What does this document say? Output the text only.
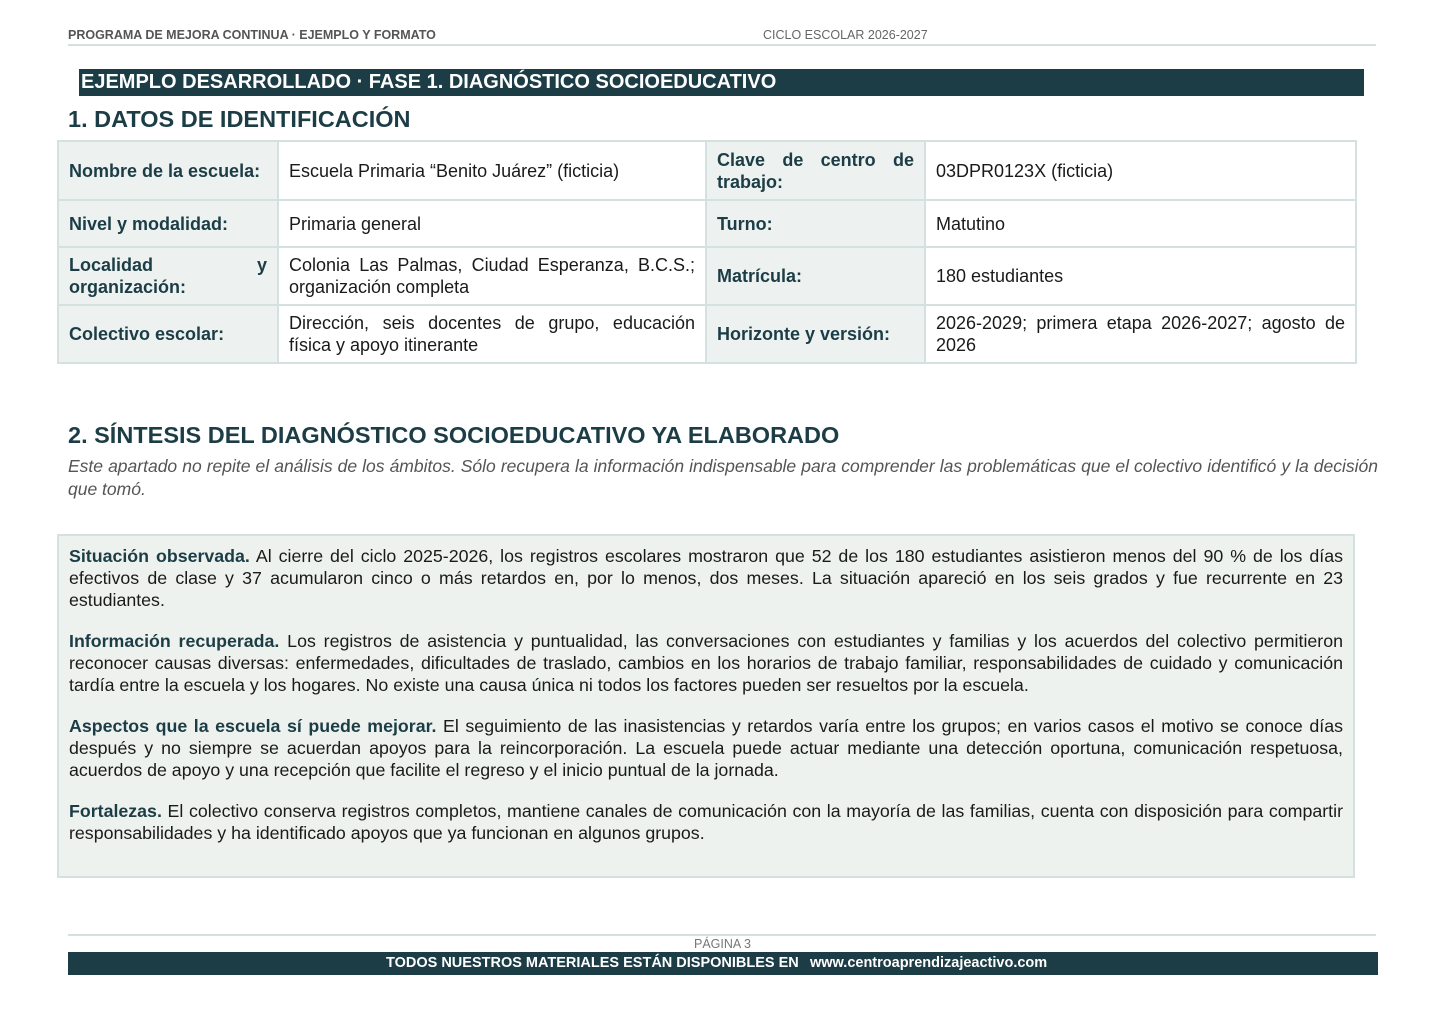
PROGRAMA DE MEJORA CONTINUA · EJEMPLO Y FORMATO	CICLO ESCOLAR 2026-2027
EJEMPLO DESARROLLADO · FASE 1. DIAGNÓSTICO SOCIOEDUCATIVO
1. DATOS DE IDENTIFICACIÓN
Nombre de la escuela:	Escuela Primaria “Benito Juárez” (ficticia)	Clave de centro de trabajo:	03DPR0123X (ficticia)
Nivel y modalidad:	Primaria general	Turno:	Matutino
Localidad y organización:	Colonia Las Palmas, Ciudad Esperanza, B.C.S.; organización completa	Matrícula:	180 estudiantes
Colectivo escolar:	Dirección, seis docentes de grupo, educación física y apoyo itinerante	Horizonte y versión:	2026-2029; primera etapa 2026-2027; agosto de 2026
2. SÍNTESIS DEL DIAGNÓSTICO SOCIOEDUCATIVO YA ELABORADO
Este apartado no repite el análisis de los ámbitos. Sólo recupera la información indispensable para comprender las problemáticas que el colectivo identificó y la decisión que tomó.

Situación observada. Al cierre del ciclo 2025-2026, los registros escolares mostraron que 52 de los 180 estudiantes asistieron menos del 90 % de los días efectivos de clase y 37 acumularon cinco o más retardos en, por lo menos, dos meses. La situación apareció en los seis grados y fue recurrente en 23 estudiantes.

Información recuperada. Los registros de asistencia y puntualidad, las conversaciones con estudiantes y familias y los acuerdos del colectivo permitieron reconocer causas diversas: enfermedades, dificultades de traslado, cambios en los horarios de trabajo familiar, responsabilidades de cuidado y comunicación tardía entre la escuela y los hogares. No existe una causa única ni todos los factores pueden ser resueltos por la escuela.

Aspectos que la escuela sí puede mejorar. El seguimiento de las inasistencias y retardos varía entre los grupos; en varios casos el motivo se conoce días después y no siempre se acuerdan apoyos para la reincorporación. La escuela puede actuar mediante una detección oportuna, comunicación respetuosa, acuerdos de apoyo y una recepción que facilite el regreso y el inicio puntual de la jornada.

Fortalezas. El colectivo conserva registros completos, mantiene canales de comunicación con la mayoría de las familias, cuenta con disposición para compartir responsabilidades y ha identificado apoyos que ya funcionan en algunos grupos.

PÁGINA 3
TODOS NUESTROS MATERIALES ESTÁN DISPONIBLES EN www.centroaprendizajeactivo.com
